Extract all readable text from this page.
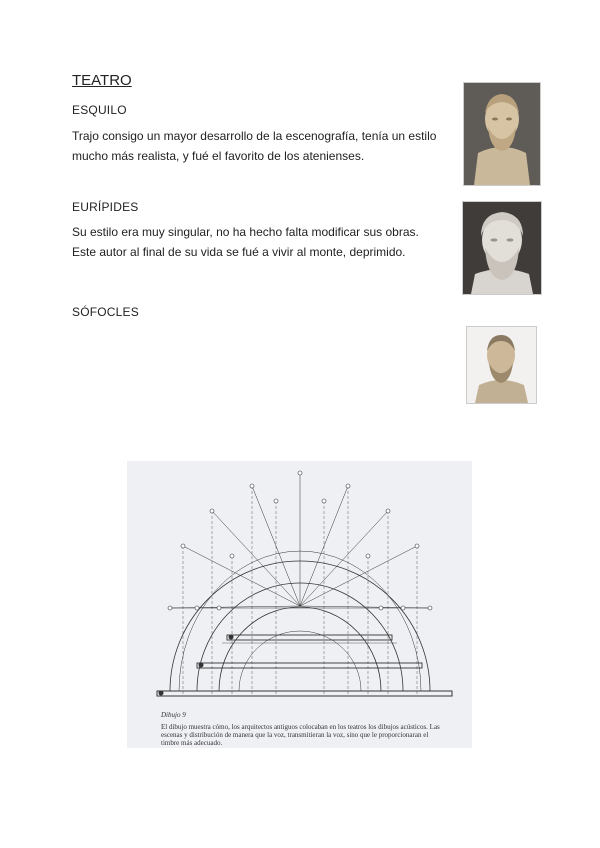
TEATRO
ESQUILO
Trajo consigo un mayor desarrollo de la escenografía, tenía un estilo
mucho más realista, y fué el favorito de los atenienses.
EURÍPIDES
Su estilo era muy singular, no ha hecho falta modificar sus obras.
Este autor al final de su vida se fué a vivir al monte, deprimido.
SÓFOCLES
Dibujo 9
El dibujo muestra cómo, los arquitectos antiguos colocaban en los teatros los dibujos acústicos. Las
escenas y distribución de manera que la voz, transmitieran la voz, sino que le proporcionaran el
timbre más adecuado.
